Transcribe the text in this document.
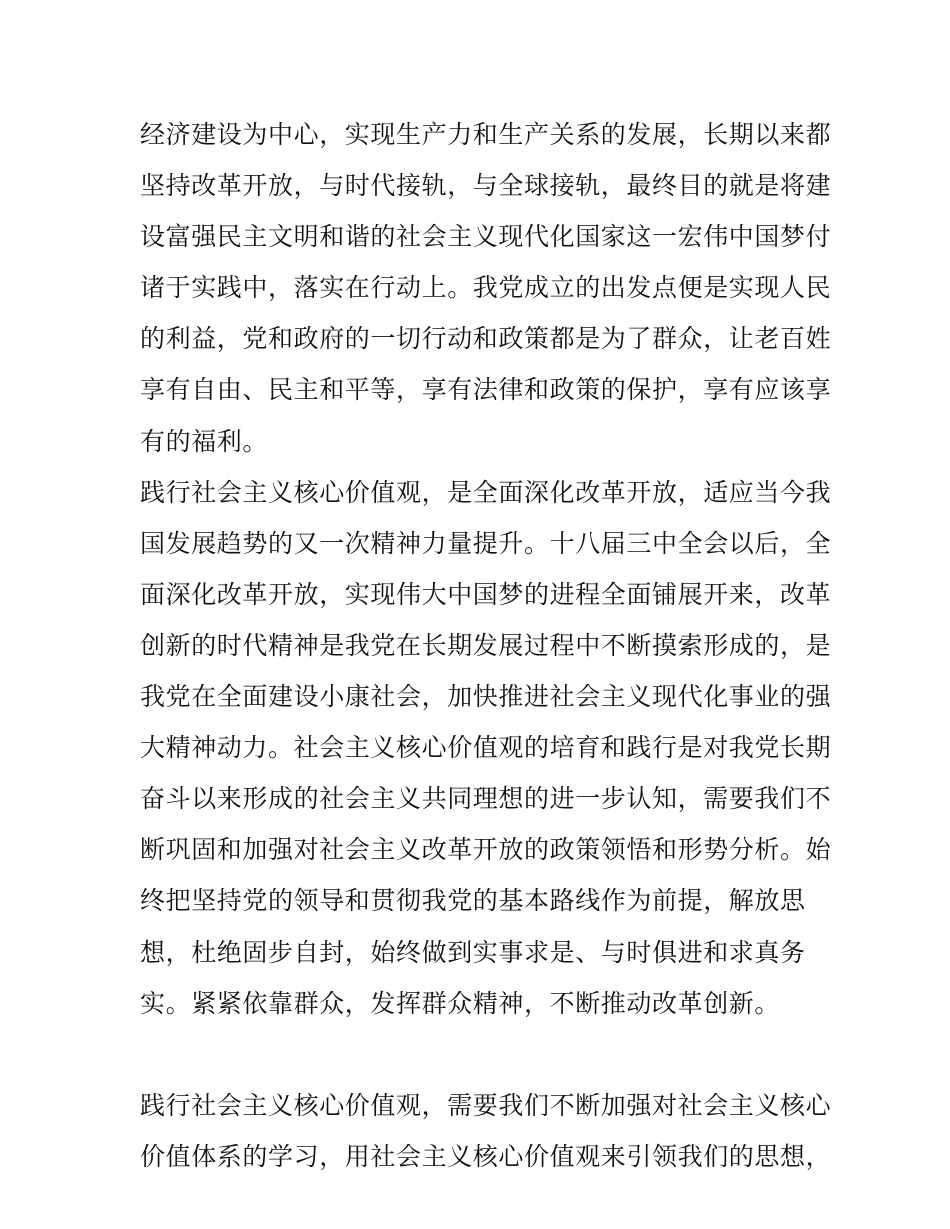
经济建设为中心，实现生产力和生产关系的发展，长期以来都
坚持改革开放，与时代接轨，与全球接轨，最终目的就是将建
设富强民主文明和谐的社会主义现代化国家这一宏伟中国梦付
诸于实践中，落实在行动上。我党成立的出发点便是实现人民
的利益，党和政府的一切行动和政策都是为了群众，让老百姓
享有自由、民主和平等，享有法律和政策的保护，享有应该享
有的福利。
践行社会主义核心价值观，是全面深化改革开放，适应当今我
国发展趋势的又一次精神力量提升。十八届三中全会以后，全
面深化改革开放，实现伟大中国梦的进程全面铺展开来，改革
创新的时代精神是我党在长期发展过程中不断摸索形成的，是
我党在全面建设小康社会，加快推进社会主义现代化事业的强
大精神动力。社会主义核心价值观的培育和践行是对我党长期
奋斗以来形成的社会主义共同理想的进一步认知，需要我们不
断巩固和加强对社会主义改革开放的政策领悟和形势分析。始
终把坚持党的领导和贯彻我党的基本路线作为前提，解放思
想，杜绝固步自封，始终做到实事求是、与时俱进和求真务
实。紧紧依靠群众，发挥群众精神，不断推动改革创新。
践行社会主义核心价值观，需要我们不断加强对社会主义核心
价值体系的学习，用社会主义核心价值观来引领我们的思想，
